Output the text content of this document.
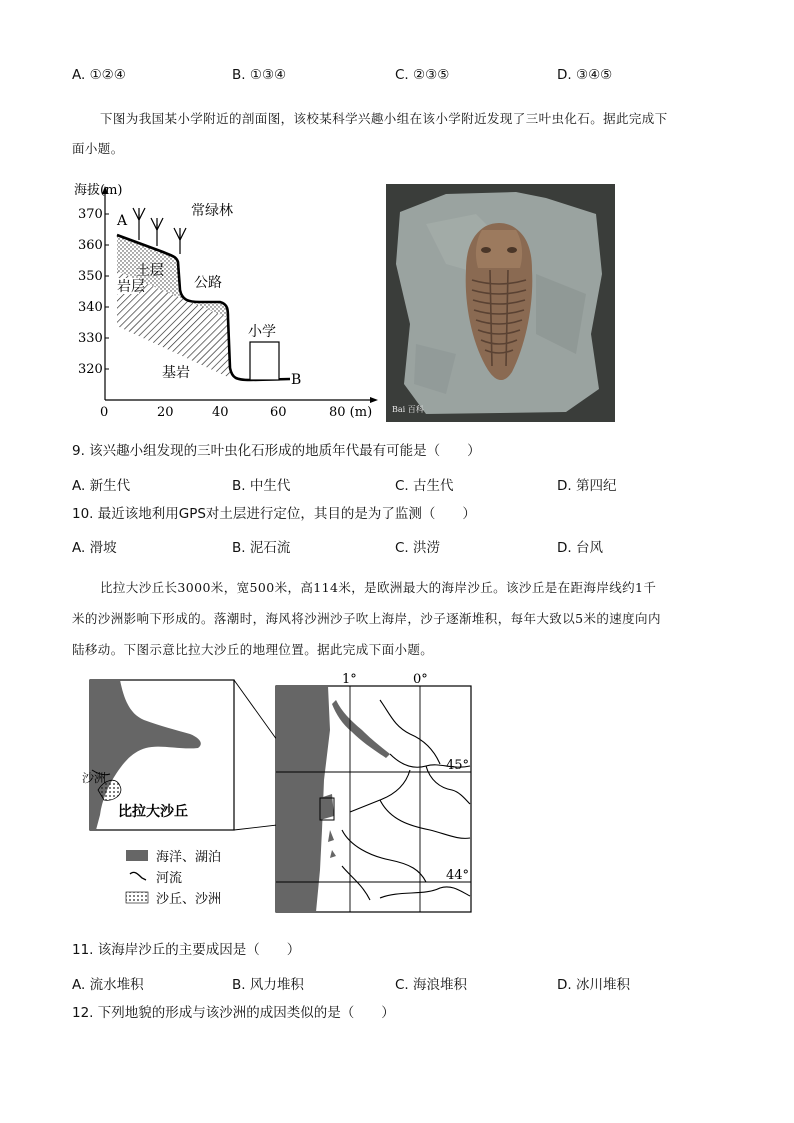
A. ①②④	B. ①③④	C. ②③⑤	D. ③④⑤
下图为我国某小学附近的剖面图，该校某科学兴趣小组在该小学附近发现了三叶虫化石。据此完成下
面小题。
海拔(m)
370
360
350
340
330
320
0	20	40	60	80 (m)
A
B
常绿林
土层
公路
岩层
小学
基岩
Bai 百科
9. 该兴趣小组发现的三叶虫化石形成的地质年代最有可能是（　　）
A. 新生代	B. 中生代	C. 古生代	D. 第四纪
10. 最近该地利用GPS对土层进行定位，其目的是为了监测（　　）
A. 滑坡	B. 泥石流	C. 洪涝	D. 台风
比拉大沙丘长3000米，宽500米，高114米，是欧洲最大的海岸沙丘。该沙丘是在距海岸线约1千
米的沙洲影响下形成的。落潮时，海风将沙洲沙子吹上海岸，沙子逐渐堆积，每年大致以5米的速度向内
陆移动。下图示意比拉大沙丘的地理位置。据此完成下面小题。
沙洲
比拉大沙丘
1°	0°
45°
44°
海洋、湖泊
河流
沙丘、沙洲
11. 该海岸沙丘的主要成因是（　　）
A. 流水堆积	B. 风力堆积	C. 海浪堆积	D. 冰川堆积
12. 下列地貌的形成与该沙洲的成因类似的是（　　）
